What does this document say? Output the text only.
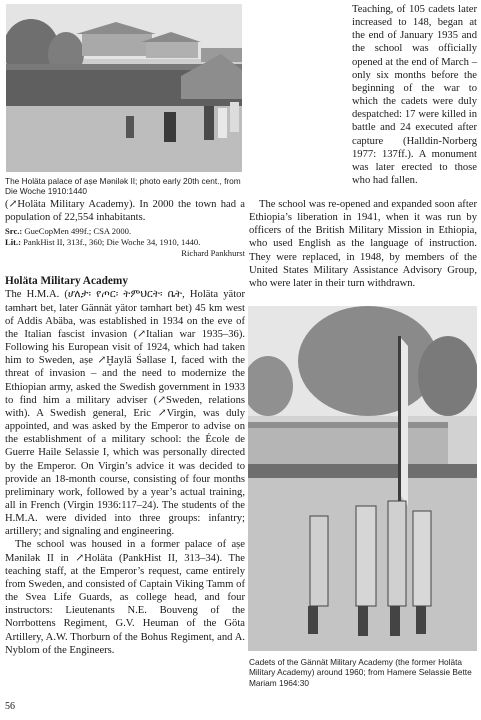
The Holäta palace of aṣe Mənilək II; photo early 20th cent., from Die Woche 1910:1440

(↗Holäta Military Academy). In 2000 the town had a population of 22,554 inhabitants.

Src.: GueCopMen 499f.; CSA 2000.

Lit.: PankHist II, 313f., 360; Die Woche 34, 1910, 1440.

Richard Pankhurst

Holäta Military Academy

The H.M.A. (ሆለታ፡ የጦር፡ ትምህርት፡ ቤት, Holäta yätor təmhərt bet, later Gännät yätor təmhərt bet) 45 km west of Addis Abäba, was established in 1934 on the eve of the Italian fascist invasion (↗Italian war 1935–36). Following his European visit of 1924, which had taken him to Sweden, aṣe ↗Ḫaylä Śəllase I, faced with the threat of invasion – and the need to modernize the Ethiopian army, asked the Swedish government in 1933 to find him a military adviser (↗Sweden, relations with). A Swedish general, Eric ↗Virgin, was duly appointed, and was asked by the Emperor to advise on the establishment of a military school: the École de Guerre Haile Selassie I, which was personally directed by the Emperor. On Virgin’s advice it was decided to provide an 18-month course, consisting of four months preliminary work, followed by a year’s actual training, all in French (Virgin 1936:117–24). The students of the H.M.A. were divided into three groups: infantry; artillery; and signaling and engineering.

The school was housed in a former palace of aṣe Mənilək II in ↗Holäta (PankHist II, 313–34). The teaching staff, at the Emperor’s request, came entirely from Sweden, and consisted of Captain Viking Tamm of the Svea Life Guards, as college head, and four instructors: Lieutenants N.E. Bouveng of the Norrbottens Regiment, G.V. Heuman of the Göta Artillery, A.W. Thorburn of the Bohus Regiment, and A. Nyblom of the Engineers.

Teaching, of 105 cadets later increased to 148, began at the end of January 1935 and the school was officially opened at the end of March – only six months before the beginning of the war to which the cadets were duly despatched: 17 were killed in battle and 24 executed after capture (Halldin-Norberg 1977: 137ff.). A monument was later erected to those who had fallen.

The school was re-opened and expanded soon after Ethiopia’s liberation in 1941, when it was run by officers of the British Military Mission in Ethiopia, who used English as the language of instruction. They were replaced, in 1948, by members of the United States Military Assistance Advisory Group, who were later in their turn withdrawn.

Cadets of the Gännät Military Academy (the former Holäta Military Academy) around 1960; from Hamere Selassie Bette Mariam 1964:30
56
